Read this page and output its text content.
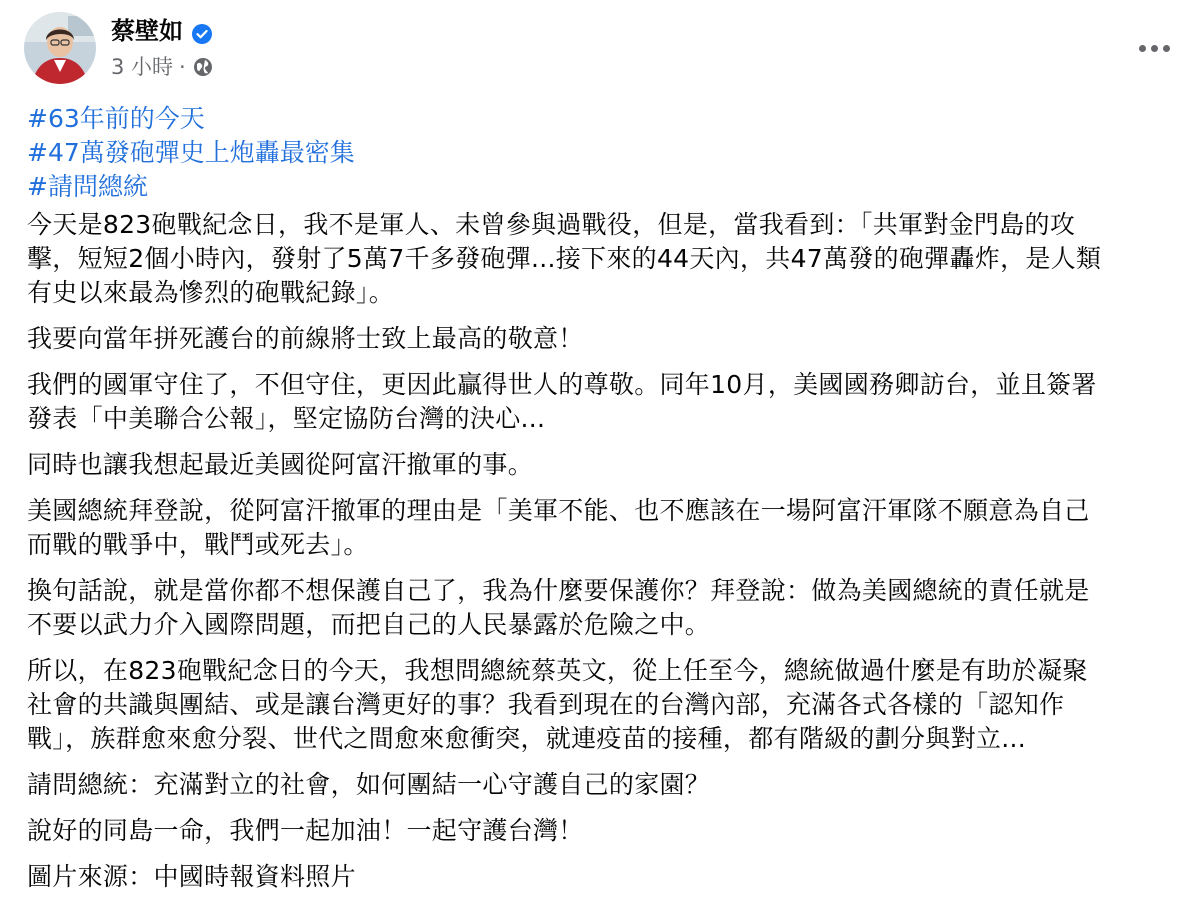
蔡壁如
3 小時 ·
#63年前的今天
#47萬發砲彈史上炮轟最密集
#請問總統

今天是823砲戰紀念日，我不是軍人、未曾參與過戰役，但是，當我看到：「共軍對金門島的攻
擊，短短2個小時內，發射了5萬7千多發砲彈...接下來的44天內，共47萬發的砲彈轟炸，是人類
有史以來最為慘烈的砲戰紀錄」。

我要向當年拼死護台的前線將士致上最高的敬意！

我們的國軍守住了，不但守住，更因此贏得世人的尊敬。同年10月，美國國務卿訪台，並且簽署
發表「中美聯合公報」，堅定協防台灣的決心...

同時也讓我想起最近美國從阿富汗撤軍的事。

美國總統拜登說，從阿富汗撤軍的理由是「美軍不能、也不應該在一場阿富汗軍隊不願意為自己
而戰的戰爭中，戰鬥或死去」。

換句話說，就是當你都不想保護自己了，我為什麼要保護你？拜登說：做為美國總統的責任就是
不要以武力介入國際問題，而把自己的人民暴露於危險之中。

所以，在823砲戰紀念日的今天，我想問總統蔡英文，從上任至今，總統做過什麼是有助於凝聚
社會的共識與團結、或是讓台灣更好的事？我看到現在的台灣內部，充滿各式各樣的「認知作
戰」，族群愈來愈分裂、世代之間愈來愈衝突，就連疫苗的接種，都有階級的劃分與對立...

請問總統：充滿對立的社會，如何團結一心守護自己的家園？

說好的同島一命，我們一起加油！一起守護台灣！

圖片來源：中國時報資料照片
